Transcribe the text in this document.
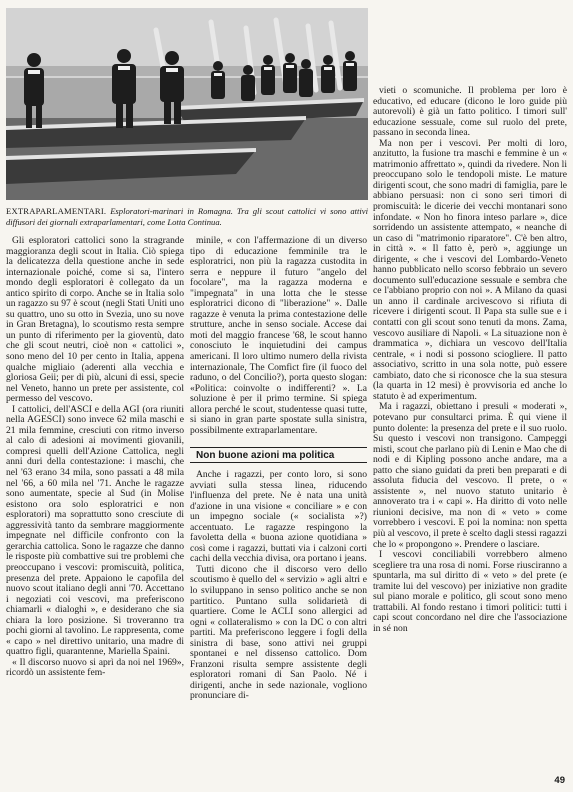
EXTRAPARLAMENTARI. Esploratori-marinari in Romagna. Tra gli scout cattolici vi sono attivi diffusori dei giornali extraparlamentari, come Lotta Continua.

Gli esploratori cattolici sono la stragrande maggioranza degli scout in Italia. Ciò spiega la delicatezza della questione anche in sede internazionale poiché, come si sa, l'intero mondo degli esploratori è collegato da un antico spirito di corpo. Anche se in Italia solo un ragazzo su 97 è scout (negli Stati Uniti uno su quattro, uno su otto in Svezia, uno su nove in Gran Bretagna), lo scoutismo resta sempre un punto di riferimento per la gioventù, dato che gli scout neutri, cioè non « cattolici », sono meno del 10 per cento in Italia, appena qualche migliaio (aderenti alla vecchia e gloriosa Geii; per di più, alcuni di essi, specie nel Veneto, hanno un prete per assistente, col permesso del vescovo.

I cattolici, dell'ASCI e della AGI (ora riuniti nella AGESCI) sono invece 62 mila maschi e 21 mila femmine, cresciuti con ritmo inverso al calo di adesioni ai movimenti giovanili, compresi quelli dell'Azione Cattolica, negli anni duri della contestazione: i maschi, che nel '63 erano 34 mila, sono passati a 48 mila nel '66, a 60 mila nel '71. Anche le ragazze sono aumentate, specie al Sud (in Molise esistono ora solo esploratrici e non esploratori) ma soprattutto sono cresciute di aggressività tanto da sembrare maggiormente impegnate nel difficile confronto con la gerarchia cattolica. Sono le ragazze che danno le risposte più combattive sui tre problemi che preoccupano i vescovi: promiscuità, politica, presenza del prete. Appaiono le capofila del nuovo scout italiano degli anni '70. Accettano i negoziati coi vescovi, ma preferiscono chiamarli « dialoghi », e desiderano che sia chiara la loro posizione. Si troveranno tra pochi giorni al tavolino. Le rappresenta, come « capo » nel direttivo unitario, una madre di quattro figli, quarantenne, Mariella Spaini.

« Il discorso nuovo si aprì da noi nel 1969», ricordò un assistente fem-

minile, « con l'affermazione di un diverso tipo di educazione femminile tra le esploratrici, non più la ragazza custodita in serra e neppure il futuro "angelo del focolare", ma la ragazza moderna e "impegnata" in una lotta che le stesse esploratrici dicono di "liberazione" ». Dalle ragazze è venuta la prima contestazione delle strutture, anche in senso sociale. Accese dai moti del maggio francese '68, le scout hanno conosciuto le inquietudini dei campus americani. Il loro ultimo numero della rivista internazionale, The Comfict fire (il fuoco del raduno, o del Concilio?), porta questo slogan: «Politica: coinvolte o indifferenti? ». La soluzione è per il primo termine. Si spiega allora perché le scout, studentesse quasi tutte, si siano in gran parte spostate sulla sinistra, possibilmente extraparlamentare.

Non buone azioni ma politica

Anche i ragazzi, per conto loro, si sono avviati sulla stessa linea, riducendo l'influenza del prete. Ne è nata una unità d'azione in una visione « conciliare » e con un impegno sociale (« socialista »?) accentuato. Le ragazze respingono la favoletta della « buona azione quotidiana » così come i ragazzi, buttati via i calzoni corti cachi della vecchia divisa, ora portano i jeans.

Tutti dicono che il discorso vero dello scoutismo è quello del « servizio » agli altri e lo sviluppano in senso politico anche se non partitico. Puntano sulla solidarietà di quartiere. Come le ACLI sono allergici ad ogni « collateralismo » con la DC o con altri partiti. Ma preferiscono leggere i fogli della sinistra di base, sono attivi nei gruppi spontanei e nel dissenso cattolico. Dom Franzoni risulta sempre assistente degli esploratori romani di San Paolo. Né i dirigenti, anche in sede nazionale, vogliono pronunciare di-

vieti o scomuniche. Il problema per loro è educativo, ed educare (dicono le loro guide più autorevoli) è già un fatto politico. I timori sull' educazione sessuale, come sul ruolo del prete, passano in seconda linea.

Ma non per i vescovi. Per molti di loro, anzitutto, la fusione tra maschi e femmine è un « matrimonio affrettato », quindi da rivedere. Non li preoccupano solo le tendopoli miste. Le mature dirigenti scout, che sono madri di famiglia, pare le abbiano persuasi: non ci sono seri timori di promiscuità: le dicerie dei vecchi montanari sono infondate. « Non ho finora inteso parlare », dice sorridendo un assistente attempato, « neanche di un caso di "matrimonio riparatore". C'è ben altro, in città ». « Il fatto è, però », aggiunge un dirigente, « che i vescovi del Lombardo-Veneto hanno pubblicato nello scorso febbraio un severo documento sull'educazione sessuale e sembra che ce l'abbiano proprio con noi ». A Milano da quasi un anno il cardinale arcivescovo si rifiuta di ricevere i dirigenti scout. Il Papa sta sulle sue e i contatti con gli scout sono tenuti da mons. Zama, vescovo ausiliare di Napoli. « La situazione non è drammatica », dichiara un vescovo dell'Italia centrale, « i nodi si possono sciogliere. Il patto associativo, scritto in una sola notte, può essere cambiato, dato che si riconosce che la sua stesura (la quarta in 12 mesi) è provvisoria ed anche lo statuto è ad experimentum.

Ma i ragazzi, obiettano i presuli « moderati », potevano pur consultarci prima. È qui viene il punto dolente: la presenza del prete e il suo ruolo. Su questo i vescovi non transigono. Campeggi misti, scout che parlano più di Lenin e Mao che di nodi e di Kipling possono anche andare, ma a patto che siano guidati da preti ben preparati e di assoluta fiducia del vescovo. Il prete, o « assistente », nel nuovo statuto unitario è annoverato tra i « capi ». Ha diritto di voto nelle riunioni decisive, ma non di « veto » come vorrebbero i vescovi. E poi la nomina: non spetta più al vescovo, il prete è scelto dagli stessi ragazzi che lo « propongono ». Prendere o lasciare.

I vescovi conciliabili vorrebbero almeno scegliere tra una rosa di nomi. Forse riusciranno a spuntarla, ma sul diritto di « veto » del prete (e tramite lui del vescovo) per iniziative non gradite sul piano morale e politico, gli scout sono meno trattabili. Al fondo restano i timori politici: tutti i capi scout concordano nel dire che l'associazione in sé non

49
